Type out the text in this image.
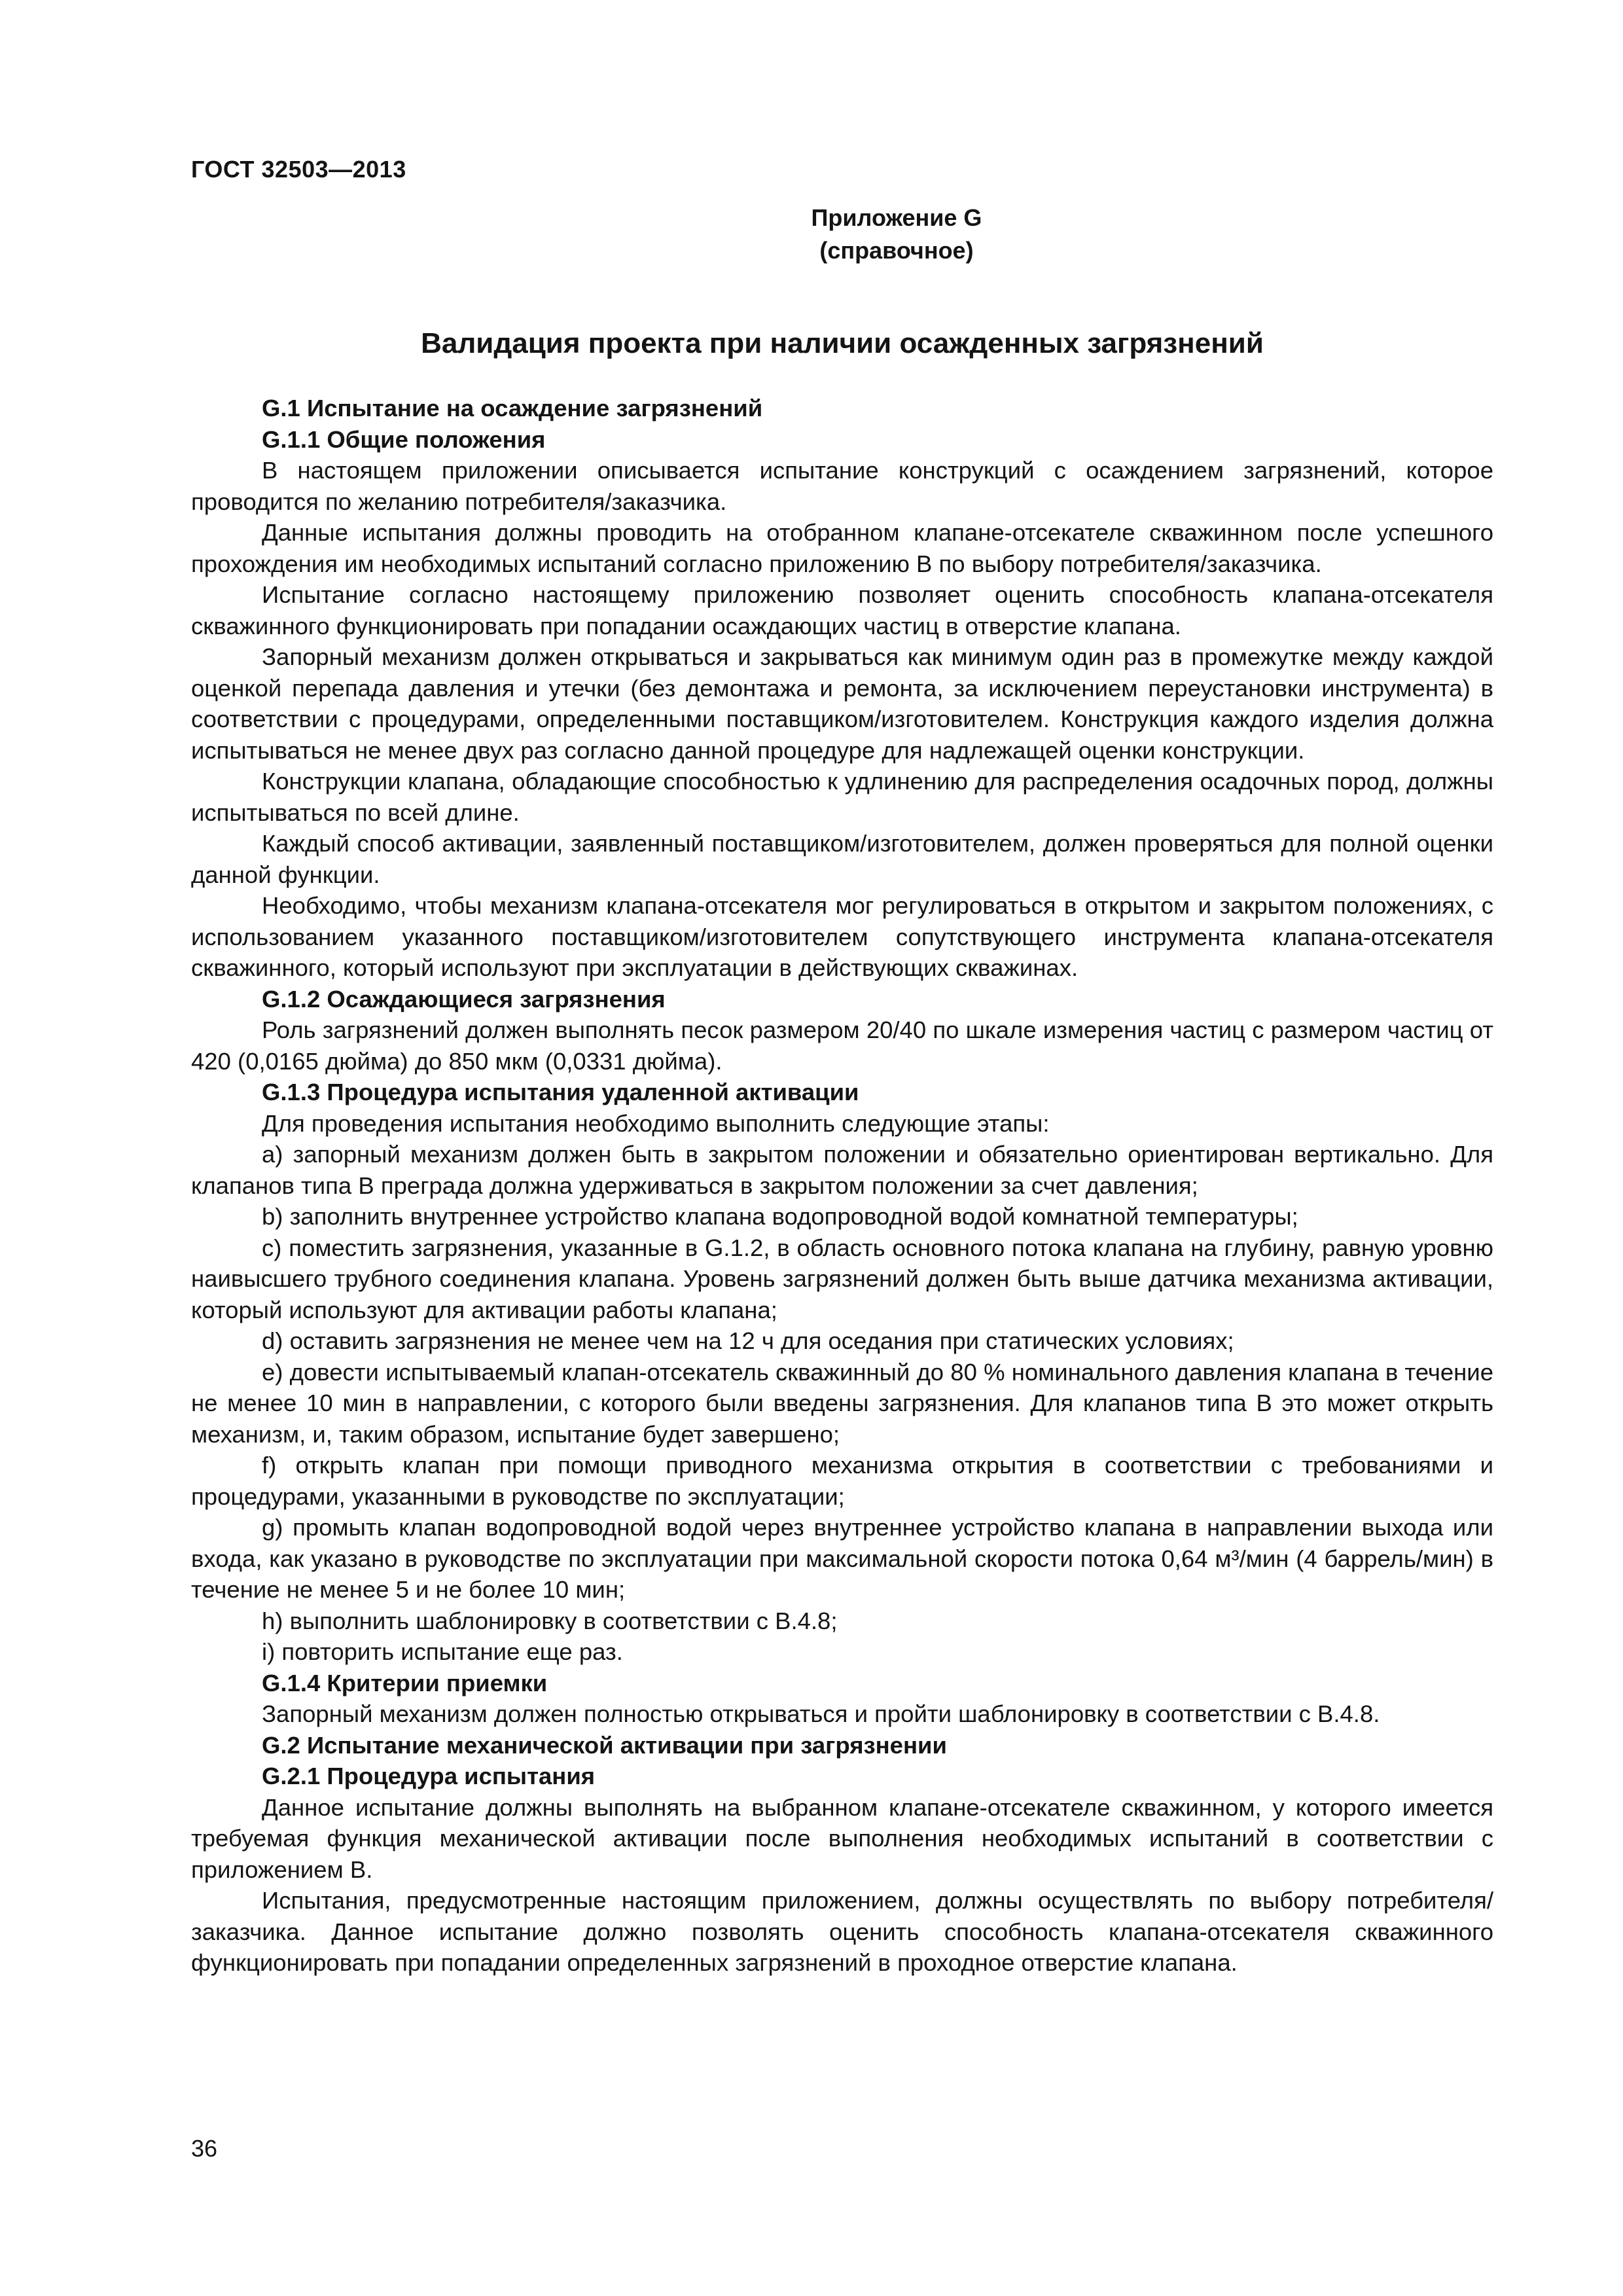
ГОСТ 32503—2013
Приложение G
(справочное)
Валидация проекта при наличии осажденных загрязнений

G.1 Испытание на осаждение загрязнений

G.1.1 Общие положения

В настоящем приложении описывается испытание конструкций с осаждением загрязнений, которое проводится по желанию потребителя/заказчика.

Данные испытания должны проводить на отобранном клапане-отсекателе скважинном после успешного прохождения им необходимых испытаний согласно приложению В по выбору потребителя/заказчика.

Испытание согласно настоящему приложению позволяет оценить способность клапана-отсекателя скважинного функционировать при попадании осаждающих частиц в отверстие клапана.

Запорный механизм должен открываться и закрываться как минимум один раз в промежутке между каждой оценкой перепада давления и утечки (без демонтажа и ремонта, за исключением переустановки инструмента) в соответствии с процедурами, определенными поставщиком/изготовителем. Конструкция каждого изделия должна испытываться не менее двух раз согласно данной процедуре для надлежащей оценки конструкции.

Конструкции клапана, обладающие способностью к удлинению для распределения осадочных пород, должны испытываться по всей длине.

Каждый способ активации, заявленный поставщиком/изготовителем, должен проверяться для полной оценки данной функции.

Необходимо, чтобы механизм клапана-отсекателя мог регулироваться в открытом и закрытом положениях, с использованием указанного поставщиком/изготовителем сопутствующего инструмента клапана-отсекателя скважинного, который используют при эксплуатации в действующих скважинах.

G.1.2 Осаждающиеся загрязнения

Роль загрязнений должен выполнять песок размером 20/40 по шкале измерения частиц с размером частиц от 420 (0,0165 дюйма) до 850 мкм (0,0331 дюйма).

G.1.3 Процедура испытания удаленной активации

Для проведения испытания необходимо выполнить следующие этапы:

a) запорный механизм должен быть в закрытом положении и обязательно ориентирован вертикально. Для клапанов типа В преграда должна удерживаться в закрытом положении за счет давления;

b) заполнить внутреннее устройство клапана водопроводной водой комнатной температуры;

c) поместить загрязнения, указанные в G.1.2, в область основного потока клапана на глубину, равную уровню наивысшего трубного соединения клапана. Уровень загрязнений должен быть выше датчика механизма активации, который используют для активации работы клапана;

d) оставить загрязнения не менее чем на 12 ч для оседания при статических условиях;

e) довести испытываемый клапан-отсекатель скважинный до 80 % номинального давления клапана в течение не менее 10 мин в направлении, с которого были введены загрязнения. Для клапанов типа В это может открыть механизм, и, таким образом, испытание будет завершено;

f) открыть клапан при помощи приводного механизма открытия в соответствии с требованиями и процедурами, указанными в руководстве по эксплуатации;

g) промыть клапан водопроводной водой через внутреннее устройство клапана в направлении выхода или входа, как указано в руководстве по эксплуатации при максимальной скорости потока 0,64 м³/мин (4 баррель/мин) в течение не менее 5 и не более 10 мин;

h) выполнить шаблонировку в соответствии с В.4.8;

i) повторить испытание еще раз.

G.1.4 Критерии приемки

Запорный механизм должен полностью открываться и пройти шаблонировку в соответствии с В.4.8.

G.2 Испытание механической активации при загрязнении

G.2.1 Процедура испытания

Данное испытание должны выполнять на выбранном клапане-отсекателе скважинном, у которого имеется требуемая функция механической активации после выполнения необходимых испытаний в соответствии с приложением В.

Испытания, предусмотренные настоящим приложением, должны осуществлять по выбору потребителя/заказчика. Данное испытание должно позволять оценить способность клапана-отсекателя скважинного функционировать при попадании определенных загрязнений в проходное отверстие клапана.

36
